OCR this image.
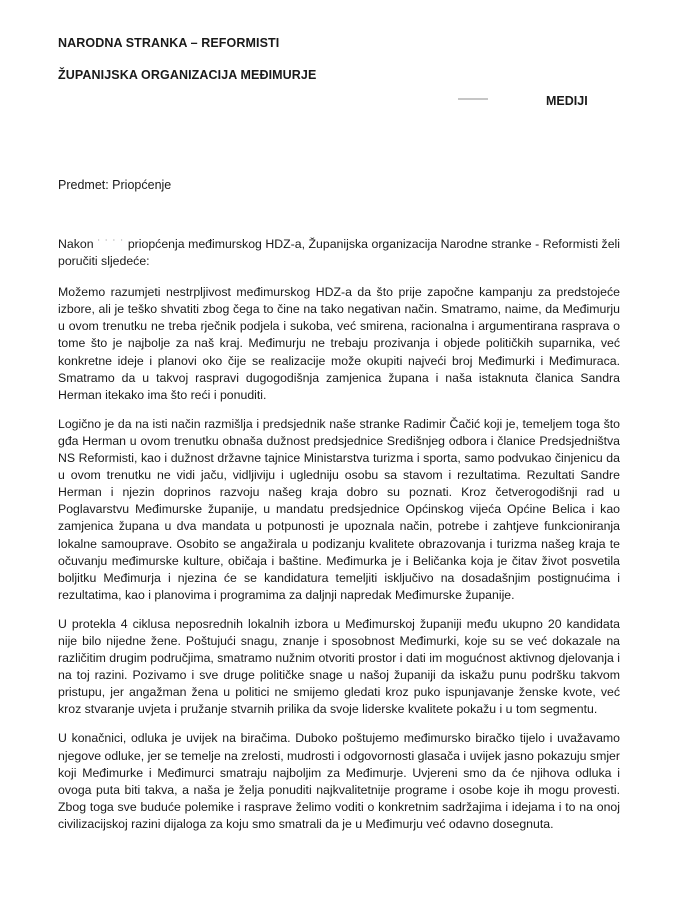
NARODNA STRANKA – REFORMISTI
ŽUPANIJSKA ORGANIZACIJA MEĐIMURJE
MEDIJI
Predmet: Priopćenje

Nakon ˙ ˙ ˙ ˙ priopćenja međimurskog HDZ-a, Županijska organizacija Narodne stranke - Reformisti želi poručiti sljedeće:

Možemo razumjeti nestrpljivost međimurskog HDZ-a da što prije započne kampanju za predstojeće izbore, ali je teško shvatiti zbog čega to čine na tako negativan način. Smatramo, naime, da Međimurju u ovom trenutku ne treba rječnik podjela i sukoba, već smirena, racionalna i argumentirana rasprava o tome što je najbolje za naš kraj. Međimurju ne trebaju prozivanja i objede političkih suparnika, već konkretne ideje i planovi oko čije se realizacije može okupiti najveći broj Međimurki i Međimuraca. Smatramo da u takvoj raspravi dugogodišnja zamjenica župana i naša istaknuta članica Sandra Herman itekako ima što reći i ponuditi.

Logično je da na isti način razmišlja i predsjednik naše stranke Radimir Čačić koji je, temeljem toga što gđa Herman u ovom trenutku obnaša dužnost predsjednice Središnjeg odbora i članice Predsjedništva NS Reformisti, kao i dužnost državne tajnice Ministarstva turizma i sporta, samo podvukao činjenicu da u ovom trenutku ne vidi jaču, vidljiviju i ugledniju osobu sa stavom i rezultatima. Rezultati Sandre Herman i njezin doprinos razvoju našeg kraja dobro su poznati. Kroz četverogodišnji rad u Poglavarstvu Međimurske županije, u mandatu predsjednice Općinskog vijeća Općine Belica i kao zamjenica župana u dva mandata u potpunosti je upoznala način, potrebe i zahtjeve funkcioniranja lokalne samouprave. Osobito se angažirala u podizanju kvalitete obrazovanja i turizma našeg kraja te očuvanju međimurske kulture, običaja i baštine. Međimurka je i Beličanka koja je čitav život posvetila boljitku Međimurja i njezina će se kandidatura temeljiti isključivo na dosadašnjim postignućima i rezultatima, kao i planovima i programima za daljnji napredak Međimurske županije.

U protekla 4 ciklusa neposrednih lokalnih izbora u Međimurskoj županiji među ukupno 20 kandidata nije bilo nijedne žene. Poštujući snagu, znanje i sposobnost Međimurki, koje su se već dokazale na različitim drugim područjima, smatramo nužnim otvoriti prostor i dati im mogućnost aktivnog djelovanja i na toj razini. Pozivamo i sve druge političke snage u našoj županiji da iskažu punu podršku takvom pristupu, jer angažman žena u politici ne smijemo gledati kroz puko ispunjavanje ženske kvote, već kroz stvaranje uvjeta i pružanje stvarnih prilika da svoje liderske kvalitete pokažu i u tom segmentu.

U konačnici, odluka je uvijek na biračima. Duboko poštujemo međimursko biračko tijelo i uvažavamo njegove odluke, jer se temelje na zrelosti, mudrosti i odgovornosti glasača i uvijek jasno pokazuju smjer koji Međimurke i Međimurci smatraju najboljim za Međimurje. Uvjereni smo da će njihova odluka i ovoga puta biti takva, a naša je želja ponuditi najkvalitetnije programe i osobe koje ih mogu provesti. Zbog toga sve buduće polemike i rasprave želimo voditi o konkretnim sadržajima i idejama i to na onoj civilizacijskoj razini dijaloga za koju smo smatrali da je u Međimurju već odavno dosegnuta.
